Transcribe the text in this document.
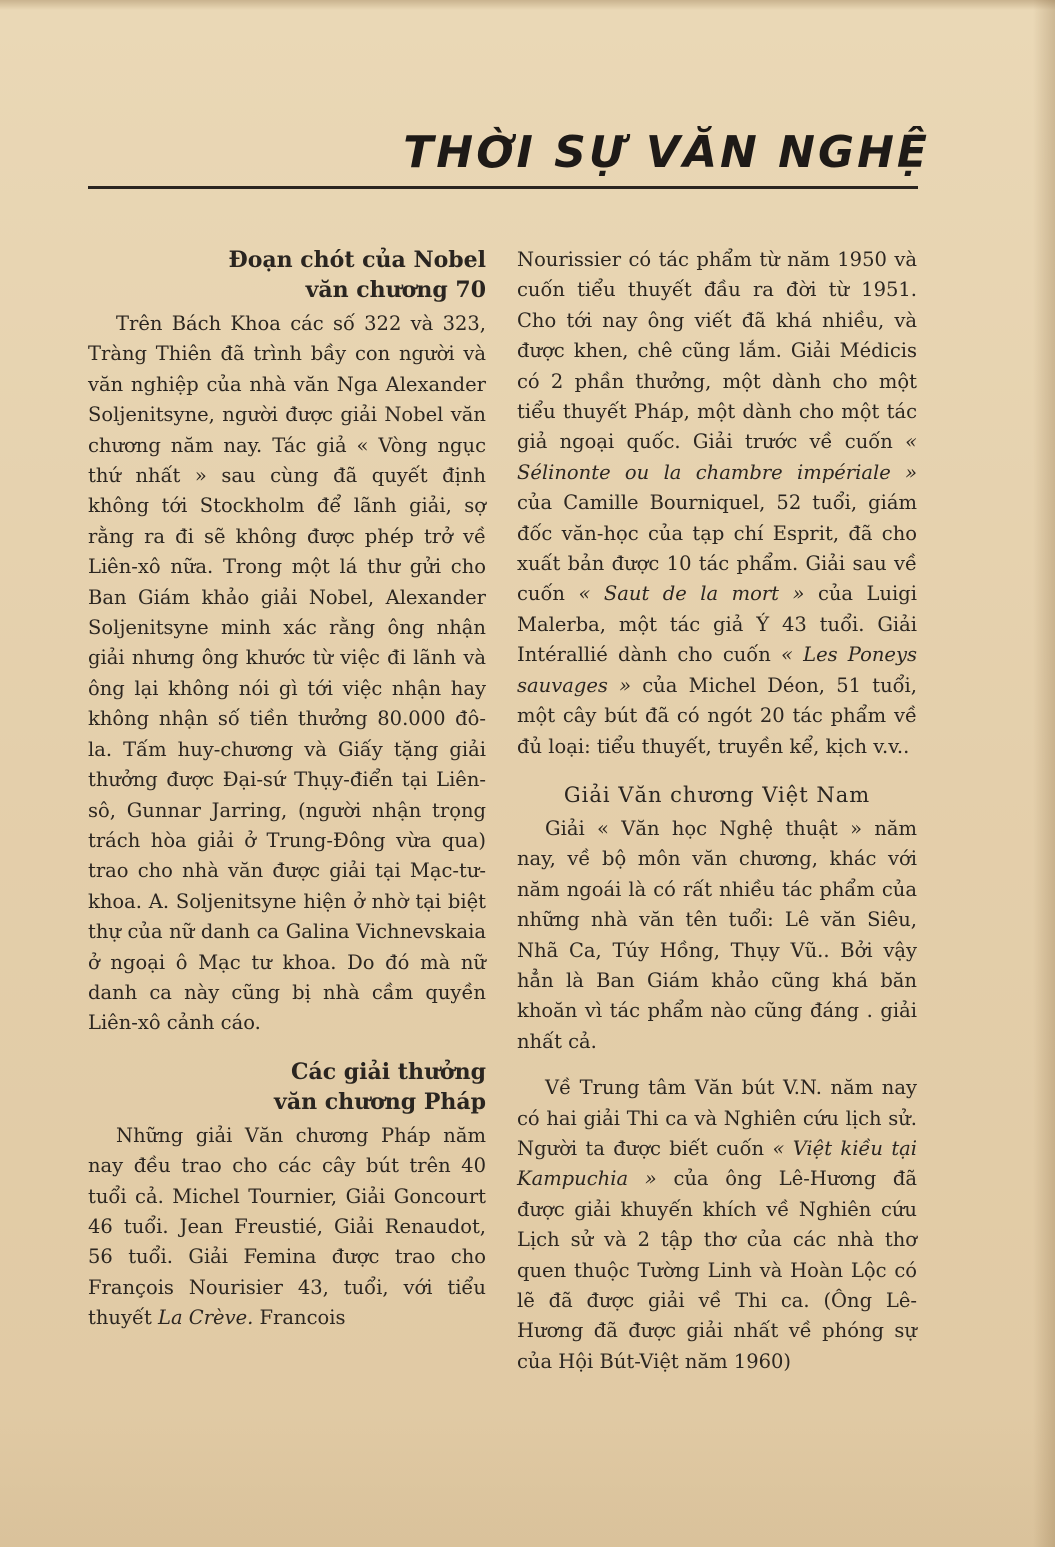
THỜI SỰ VĂN NGHỆ
Đoạn chót của Nobel
văn chương 70

Trên Bách Khoa các số 322 và 323, Tràng Thiên đã trình bầy con người và văn nghiệp của nhà văn Nga Alexander Soljenitsyne, người được giải Nobel văn chương năm nay. Tác giả « Vòng ngục thứ nhất » sau cùng đã quyết định không tới Stockholm để lãnh giải, sợ rằng ra đi sẽ không được phép trở về Liên-xô nữa. Trong một lá thư gửi cho Ban Giám khảo giải Nobel, Alexander Soljenitsyne minh xác rằng ông nhận giải nhưng ông khước từ việc đi lãnh và ông lại không nói gì tới việc nhận hay không nhận số tiền thưởng 80.000 đô-la. Tấm huy-chương và Giấy tặng giải thưởng được Đại-sứ Thụy-điển tại Liên-sô, Gunnar Jarring, (người nhận trọng trách hòa giải ở Trung-Đông vừa qua) trao cho nhà văn được giải tại Mạc-tư-khoa. A. Soljenitsyne hiện ở nhờ tại biệt thự của nữ danh ca Galina Vichnevskaia ở ngoại ô Mạc tư khoa. Do đó mà nữ danh ca này cũng bị nhà cầm quyền Liên-xô cảnh cáo.

Các giải thưởng
văn chương Pháp

Những giải Văn chương Pháp năm nay đều trao cho các cây bút trên 40 tuổi cả. Michel Tournier, Giải Goncourt 46 tuổi. Jean Freustié, Giải Renaudot, 56 tuổi. Giải Femina được trao cho François Nourisier 43, tuổi, với tiểu thuyết La Crève. Francois

Nourissier có tác phẩm từ năm 1950 và cuốn tiểu thuyết đầu ra đời từ 1951. Cho tới nay ông viết đã khá nhiều, và được khen, chê cũng lắm. Giải Médicis có 2 phần thưởng, một dành cho một tiểu thuyết Pháp, một dành cho một tác giả ngoại quốc. Giải trước về cuốn « Sélinonte ou la chambre impériale » của Camille Bourniquel, 52 tuổi, giám đốc văn-học của tạp chí Esprit, đã cho xuất bản được 10 tác phẩm. Giải sau về cuốn « Saut de la mort » của Luigi Malerba, một tác giả Ý 43 tuổi. Giải Intérallié dành cho cuốn « Les Poneys sauvages » của Michel Déon, 51 tuổi, một cây bút đã có ngót 20 tác phẩm về đủ loại: tiểu thuyết, truyền kể, kịch v.v..

Giải Văn chương Việt Nam

Giải « Văn học Nghệ thuật » năm nay, về bộ môn văn chương, khác với năm ngoái là có rất nhiều tác phẩm của những nhà văn tên tuổi: Lê văn Siêu, Nhã Ca, Túy Hồng, Thụy Vũ.. Bởi vậy hẳn là Ban Giám khảo cũng khá băn khoăn vì tác phẩm nào cũng đáng . giải nhất cả.

Về Trung tâm Văn bút V.N. năm nay có hai giải Thi ca và Nghiên cứu lịch sử. Người ta được biết cuốn « Việt kiều tại Kampuchia » của ông Lê-Hương đã được giải khuyến khích về Nghiên cứu Lịch sử và 2 tập thơ của các nhà thơ quen thuộc Tường Linh và Hoàn Lộc có lẽ đã được giải về Thi ca. (Ông Lê-Hương đã được giải nhất về phóng sự của Hội Bút-Việt năm 1960)
